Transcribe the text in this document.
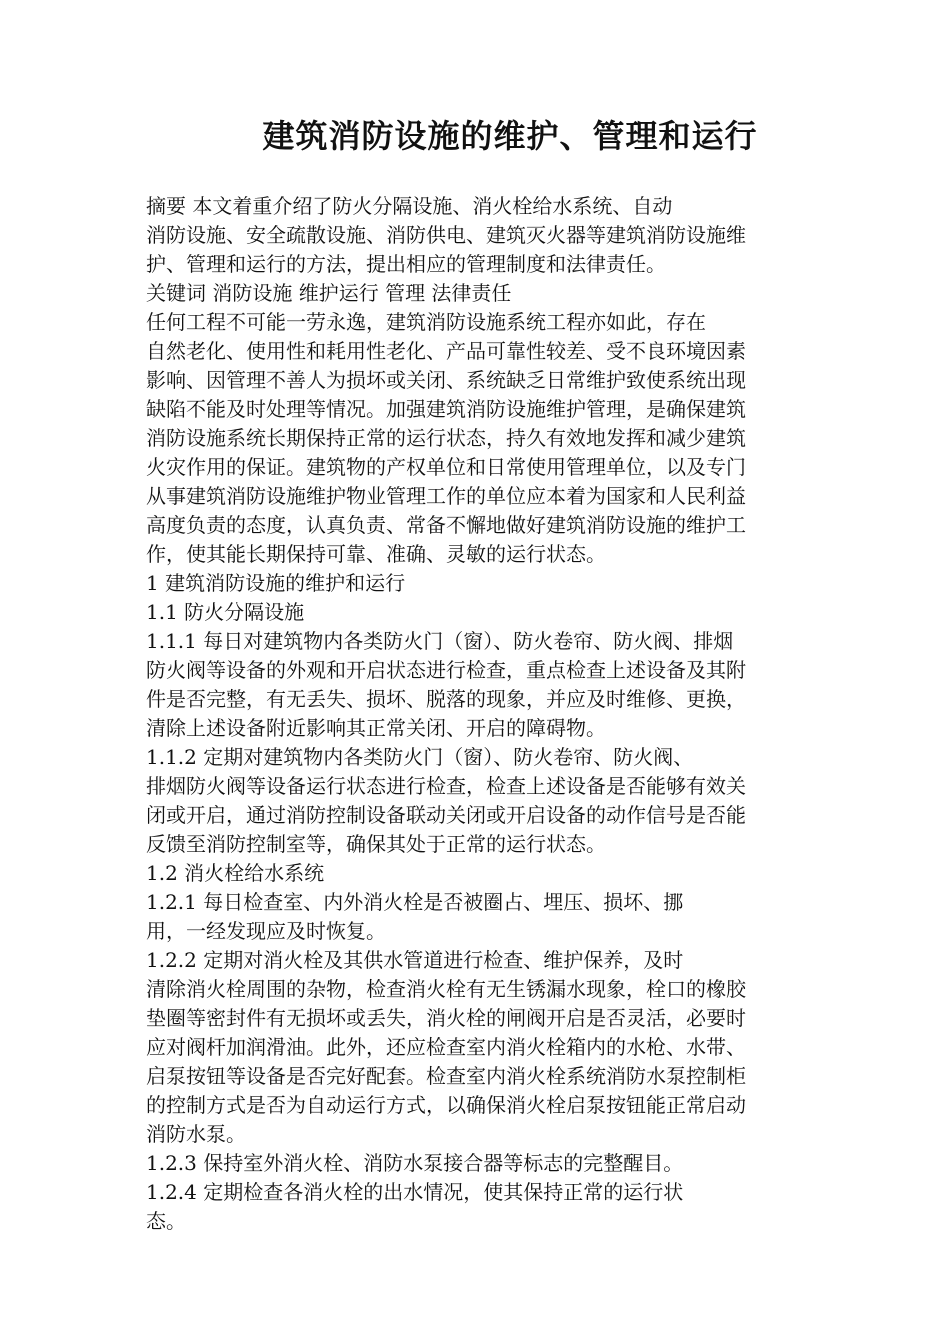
建筑消防设施的维护、管理和运行
摘要 本文着重介绍了防火分隔设施、消火栓给水系统、自动
消防设施、安全疏散设施、消防供电、建筑灭火器等建筑消防设施维
护、管理和运行的方法，提出相应的管理制度和法律责任。
关键词 消防设施 维护运行 管理 法律责任
任何工程不可能一劳永逸，建筑消防设施系统工程亦如此，存在
自然老化、使用性和耗用性老化、产品可靠性较差、受不良环境因素
影响、因管理不善人为损坏或关闭、系统缺乏日常维护致使系统出现
缺陷不能及时处理等情况。加强建筑消防设施维护管理，是确保建筑
消防设施系统长期保持正常的运行状态，持久有效地发挥和减少建筑
火灾作用的保证。建筑物的产权单位和日常使用管理单位，以及专门
从事建筑消防设施维护物业管理工作的单位应本着为国家和人民利益
高度负责的态度，认真负责、常备不懈地做好建筑消防设施的维护工
作，使其能长期保持可靠、准确、灵敏的运行状态。
1 建筑消防设施的维护和运行
1.1 防火分隔设施
1.1.1 每日对建筑物内各类防火门（窗）、防火卷帘、防火阀、排烟
防火阀等设备的外观和开启状态进行检查，重点检查上述设备及其附
件是否完整，有无丢失、损坏、脱落的现象，并应及时维修、更换，
清除上述设备附近影响其正常关闭、开启的障碍物。
1.1.2 定期对建筑物内各类防火门（窗）、防火卷帘、防火阀、
排烟防火阀等设备运行状态进行检查，检查上述设备是否能够有效关
闭或开启，通过消防控制设备联动关闭或开启设备的动作信号是否能
反馈至消防控制室等，确保其处于正常的运行状态。
1.2 消火栓给水系统
1.2.1 每日检查室、内外消火栓是否被圈占、埋压、损坏、挪
用，一经发现应及时恢复。
1.2.2 定期对消火栓及其供水管道进行检查、维护保养，及时
清除消火栓周围的杂物，检查消火栓有无生锈漏水现象，栓口的橡胶
垫圈等密封件有无损坏或丢失，消火栓的闸阀开启是否灵活，必要时
应对阀杆加润滑油。此外，还应检查室内消火栓箱内的水枪、水带、
启泵按钮等设备是否完好配套。检查室内消火栓系统消防水泵控制柜
的控制方式是否为自动运行方式，以确保消火栓启泵按钮能正常启动
消防水泵。
1.2.3 保持室外消火栓、消防水泵接合器等标志的完整醒目。
1.2.4 定期检查各消火栓的出水情况，使其保持正常的运行状
态。
